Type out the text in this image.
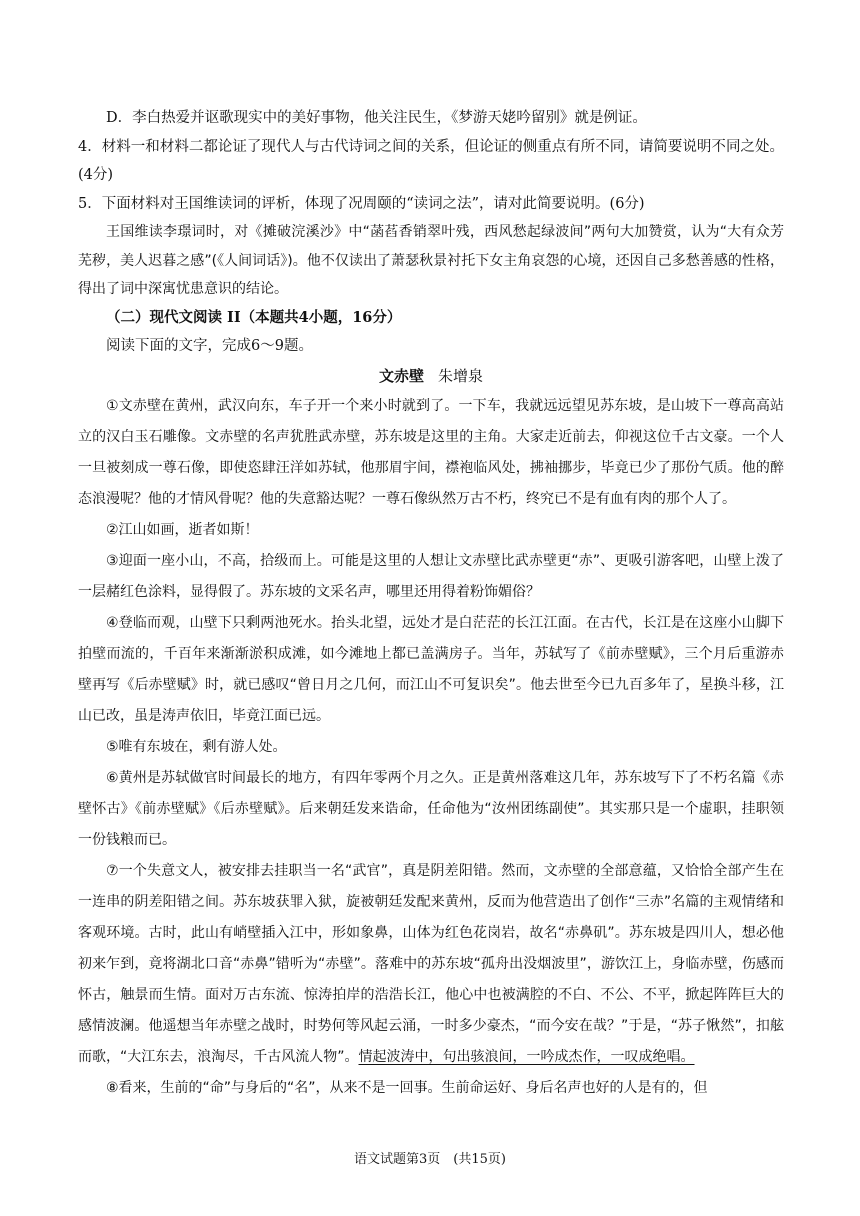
D．李白热爱并讴歌现实中的美好事物，他关注民生，《梦游天姥吟留别》就是例证。

4．材料一和材料二都论证了现代人与古代诗词之间的关系，但论证的侧重点有所不同，请简要说明不同之处。(4分)

5．下面材料对王国维读词的评析，体现了况周颐的“读词之法”，请对此简要说明。(6分)

王国维读李璟词时，对《摊破浣溪沙》中“菡萏香销翠叶残，西风愁起绿波间”两句大加赞赏，认为“大有众芳芜秽，美人迟暮之感”(《人间词话》)。他不仅读出了萧瑟秋景衬托下女主角哀怨的心境，还因自己多愁善感的性格，得出了词中深寓忧患意识的结论。

（二）现代文阅读 II（本题共4小题，16分）

阅读下面的文字，完成6～9题。

文赤壁 朱增泉

①文赤壁在黄州，武汉向东，车子开一个来小时就到了。一下车，我就远远望见苏东坡，是山坡下一尊高高站立的汉白玉石雕像。文赤壁的名声犹胜武赤壁，苏东坡是这里的主角。大家走近前去，仰视这位千古文豪。一个人一旦被刻成一尊石像，即使恣肆汪洋如苏轼，他那眉宇间，襟袍临风处，拂袖挪步，毕竟已少了那份气质。他的醉态浪漫呢？他的才情风骨呢？他的失意豁达呢？一尊石像纵然万古不朽，终究已不是有血有肉的那个人了。

②江山如画，逝者如斯！

③迎面一座小山，不高，拾级而上。可能是这里的人想让文赤壁比武赤壁更“赤”、更吸引游客吧，山壁上泼了一层赭红色涂料，显得假了。苏东坡的文采名声，哪里还用得着粉饰媚俗？

④登临而观，山壁下只剩两池死水。抬头北望，远处才是白茫茫的长江江面。在古代，长江是在这座小山脚下拍壁而流的，千百年来渐渐淤积成滩，如今滩地上都已盖满房子。当年，苏轼写了《前赤壁赋》，三个月后重游赤壁再写《后赤壁赋》时，就已感叹“曾日月之几何，而江山不可复识矣”。他去世至今已九百多年了，星换斗移，江山已改，虽是涛声依旧，毕竟江面已远。

⑤唯有东坡在，剩有游人处。

⑥黄州是苏轼做官时间最长的地方，有四年零两个月之久。正是黄州落难这几年，苏东坡写下了不朽名篇《赤壁怀古》《前赤壁赋》《后赤壁赋》。后来朝廷发来诰命，任命他为“汝州团练副使”。其实那只是一个虚职，挂职领一份钱粮而已。

⑦一个失意文人，被安排去挂职当一名“武官”，真是阴差阳错。然而，文赤壁的全部意蕴，又恰恰全部产生在一连串的阴差阳错之间。苏东坡获罪入狱，旋被朝廷发配来黄州，反而为他营造出了创作“三赤”名篇的主观情绪和客观环境。古时，此山有峭壁插入江中，形如象鼻，山体为红色花岗岩，故名“赤鼻矶”。苏东坡是四川人，想必他初来乍到，竟将湖北口音“赤鼻”错听为“赤壁”。落难中的苏东坡“孤舟出没烟波里”，游饮江上，身临赤壁，伤感而怀古，触景而生情。面对万古东流、惊涛拍岸的浩浩长江，他心中也被满腔的不白、不公、不平，掀起阵阵巨大的感情波澜。他遥想当年赤壁之战时，时势何等风起云涌，一时多少豪杰，“而今安在哉？”于是，“苏子愀然”，扣舷而歌，“大江东去，浪淘尽，千古风流人物”。情起波涛中，句出骇浪间，一吟成杰作，一叹成绝唱。

⑧看来，生前的“命”与身后的“名”，从来不是一回事。生前命运好、身后名声也好的人是有的，但

语文试题第3页　(共15页)
